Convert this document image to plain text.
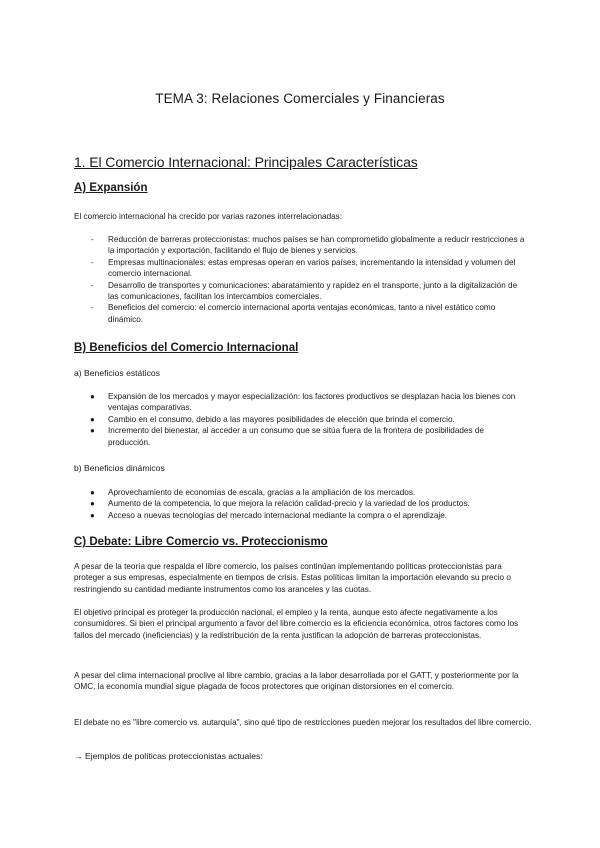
TEMA 3: Relaciones Comerciales y Financieras
1. El Comercio Internacional: Principales Características
A) Expansión

El comercio internacional ha crecido por varias razones interrelacionadas:

- Reducción de barreras proteccionistas: muchos países se han comprometido globalmente a reducir restricciones a la importación y exportación, facilitando el flujo de bienes y servicios.
- Empresas multinacionales: estas empresas operan en varios países, incrementando la intensidad y volumen del comercio internacional.
- Desarrollo de transportes y comunicaciones: abaratamiento y rapidez en el transporte, junto a la digitalización de las comunicaciones, facilitan los intercambios comerciales.
- Beneficios del comercio: el comercio internacional aporta ventajas económicas, tanto a nivel estático como dinámico.
B) Beneficios del Comercio Internacional
a) Beneficios estáticos
● Expansión de los mercados y mayor especialización: los factores productivos se desplazan hacia los bienes con ventajas comparativas.
● Cambio en el consumo, debido a las mayores posibilidades de elección que brinda el comercio.
● Incremento del bienestar, al acceder a un consumo que se sitúa fuera de la frontera de posibilidades de producción.
b) Beneficios dinámicos
● Aprovechamiento de economías de escala, gracias a la ampliación de los mercados.
● Aumento de la competencia, lo que mejora la relación calidad-precio y la variedad de los productos.
● Acceso a nuevas tecnologías del mercado internacional mediante la compra o el aprendizaje.
C) Debate: Libre Comercio vs. Proteccionismo

A pesar de la teoría que respalda el libre comercio, los países continúan implementando políticas proteccionistas para proteger a sus empresas, especialmente en tiempos de crisis. Estas políticas limitan la importación elevando su precio o restringiendo su cantidad mediante instrumentos como los aranceles y las cuotas.

El objetivo principal es proteger la producción nacional, el empleo y la renta, aunque esto afecte negativamente a los consumidores. Si bien el principal argumento a favor del libre comercio es la eficiencia económica, otros factores como los fallos del mercado (ineficiencias) y la redistribución de la renta justifican la adopción de barreras proteccionistas.

A pesar del clima internacional proclive al libre cambio, gracias a la labor desarrollada por el GATT, y posteriormente por la OMC, la economía mundial sigue plagada de focos protectores que originan distorsiones en el comercio.

El debate no es "libre comercio vs. autarquía", sino qué tipo de restricciones pueden mejorar los resultados del libre comercio.

→ Ejemplos de políticas proteccionistas actuales:
